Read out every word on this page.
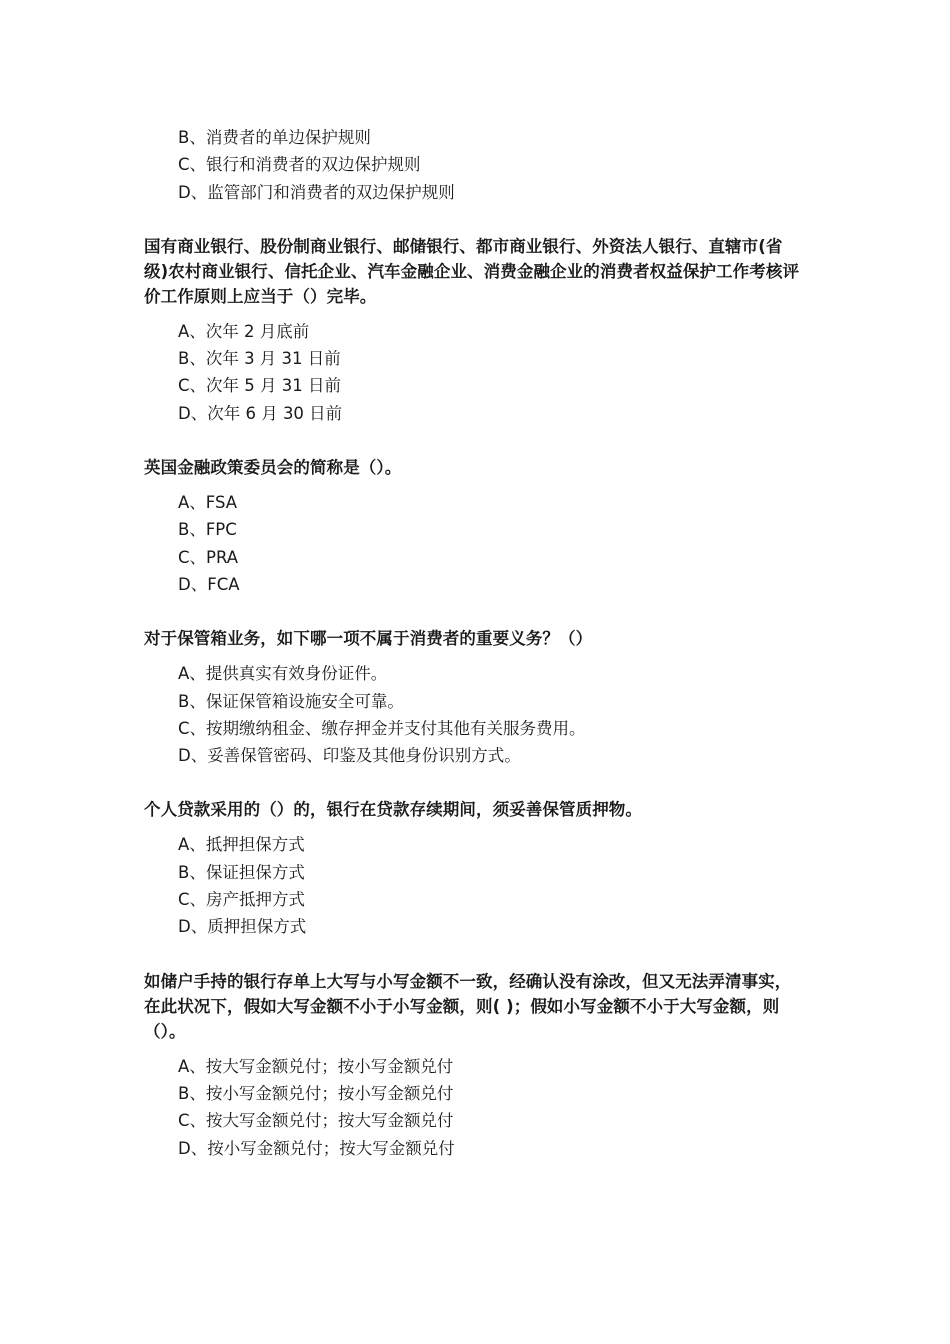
B、消费者的单边保护规则
C、银行和消费者的双边保护规则
D、监管部门和消费者的双边保护规则

国有商业银行、股份制商业银行、邮储银行、都市商业银行、外资法人银行、直辖市(省级)农村商业银行、信托企业、汽车金融企业、消费金融企业的消费者权益保护工作考核评价工作原则上应当于（）完毕。

A、次年 2 月底前
B、次年 3 月 31 日前
C、次年 5 月 31 日前
D、次年 6 月 30 日前

英国金融政策委员会的简称是（）。

A、FSA
B、FPC
C、PRA
D、FCA

对于保管箱业务，如下哪一项不属于消费者的重要义务？（）

A、提供真实有效身份证件。
B、保证保管箱设施安全可靠。
C、按期缴纳租金、缴存押金并支付其他有关服务费用。
D、妥善保管密码、印鉴及其他身份识别方式。

个人贷款采用的（）的，银行在贷款存续期间，须妥善保管质押物。

A、抵押担保方式
B、保证担保方式
C、房产抵押方式
D、质押担保方式

如储户手持的银行存单上大写与小写金额不一致，经确认没有涂改，但又无法弄清事实，在此状况下，假如大写金额不小于小写金额，则( )；假如小写金额不小于大写金额，则（）。

A、按大写金额兑付；按小写金额兑付
B、按小写金额兑付；按小写金额兑付
C、按大写金额兑付；按大写金额兑付
D、按小写金额兑付；按大写金额兑付
